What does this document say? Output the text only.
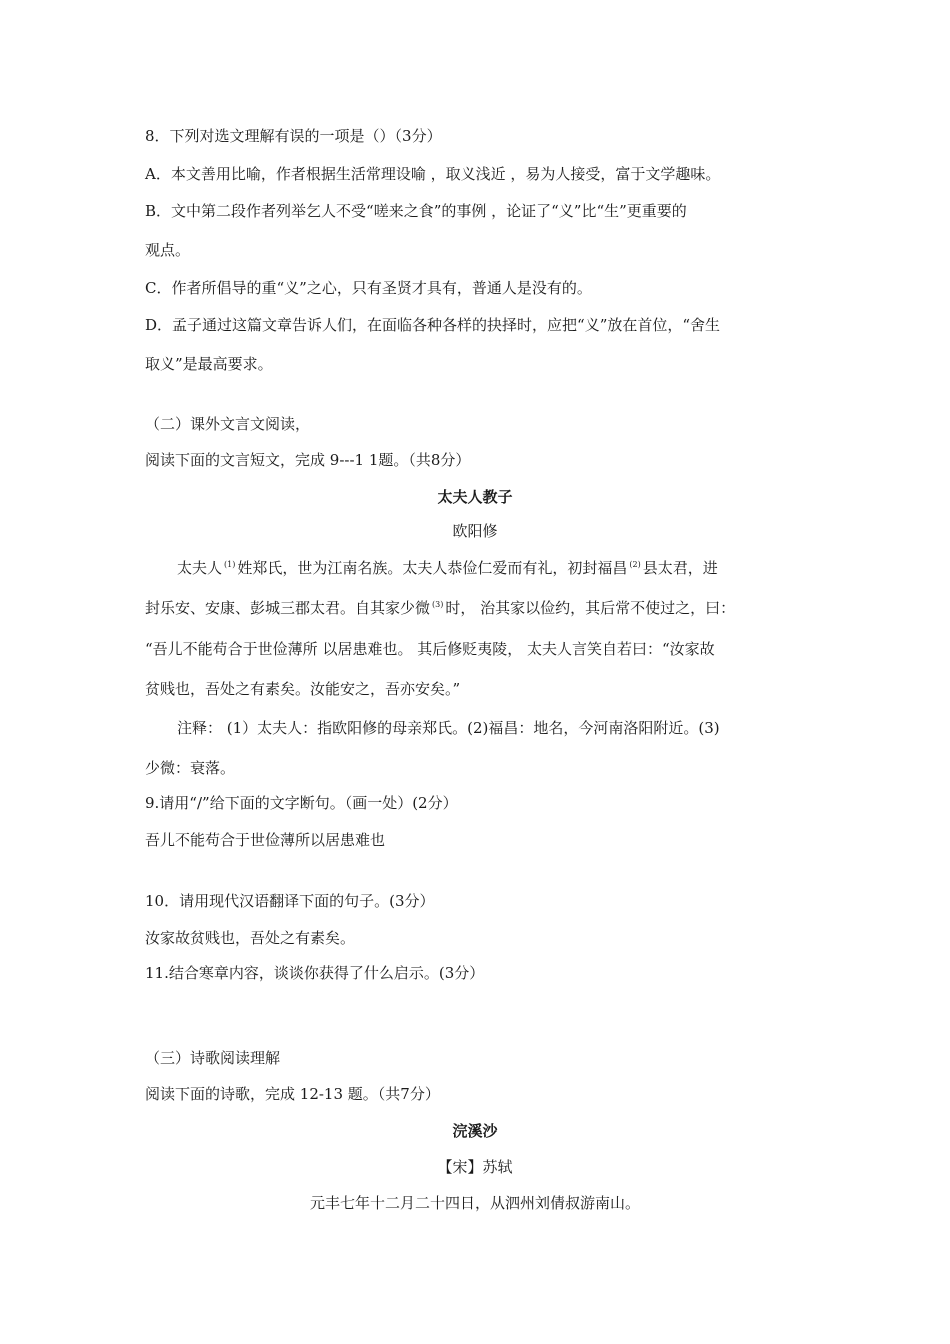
8．下列对选文理解有误的一项是（）（3分）
A．本文善用比喻，作者根据生活常理设喻 ，取义浅近 ，易为人接受，富于文学趣味。
B．文中第二段作者列举乞人不受“嗟来之食”的事例 ，论证了“义”比“生”更重要的
观点。
C．作者所倡导的重“义”之心，只有圣贤才具有，普通人是没有的。
D．孟子通过这篇文章告诉人们，在面临各种各样的抉择时，应把“义”放在首位，“舍生
取义”是最高要求。
（二）课外文言文阅读，
阅读下面的文言短文，完成 9---1 1题。（共8分）
太夫人教子
欧阳修
太夫人 $^{(1)}$ 姓郑氏，世为江南名族。太夫人恭俭仁爱而有礼，初封福昌 $^{(2)}$ 县太君，进
封乐安、安康、彭城三郡太君。自其家少微 $^{(3)}$ 时， 治其家以俭约，其后常不使过之，曰：
“吾儿不能苟合于世俭薄所 以居患难也。 其后修贬夷陵， 太夫人言笑自若曰：“汝家故
贫贱也，吾处之有素矣。汝能安之，吾亦安矣。”
注释： (1）太夫人：指欧阳修的母亲郑氏。(2)福昌：地名，今河南洛阳附近。(3)
少微：衰落。
9.请用“/”给下面的文字断句。（画一处）(2分）
吾儿不能苟合于世俭薄所以居患难也
10．请用现代汉语翻译下面的句子。(3分）
汝家故贫贱也，吾处之有素矣。
11.结合寒章内容，谈谈你获得了什么启示。(3分）
（三）诗歌阅读理解
阅读下面的诗歌，完成 12-13 题。（共7分）
浣溪沙
【宋】苏轼
元丰七年十二月二十四日，从泗州刘倩叔游南山。
